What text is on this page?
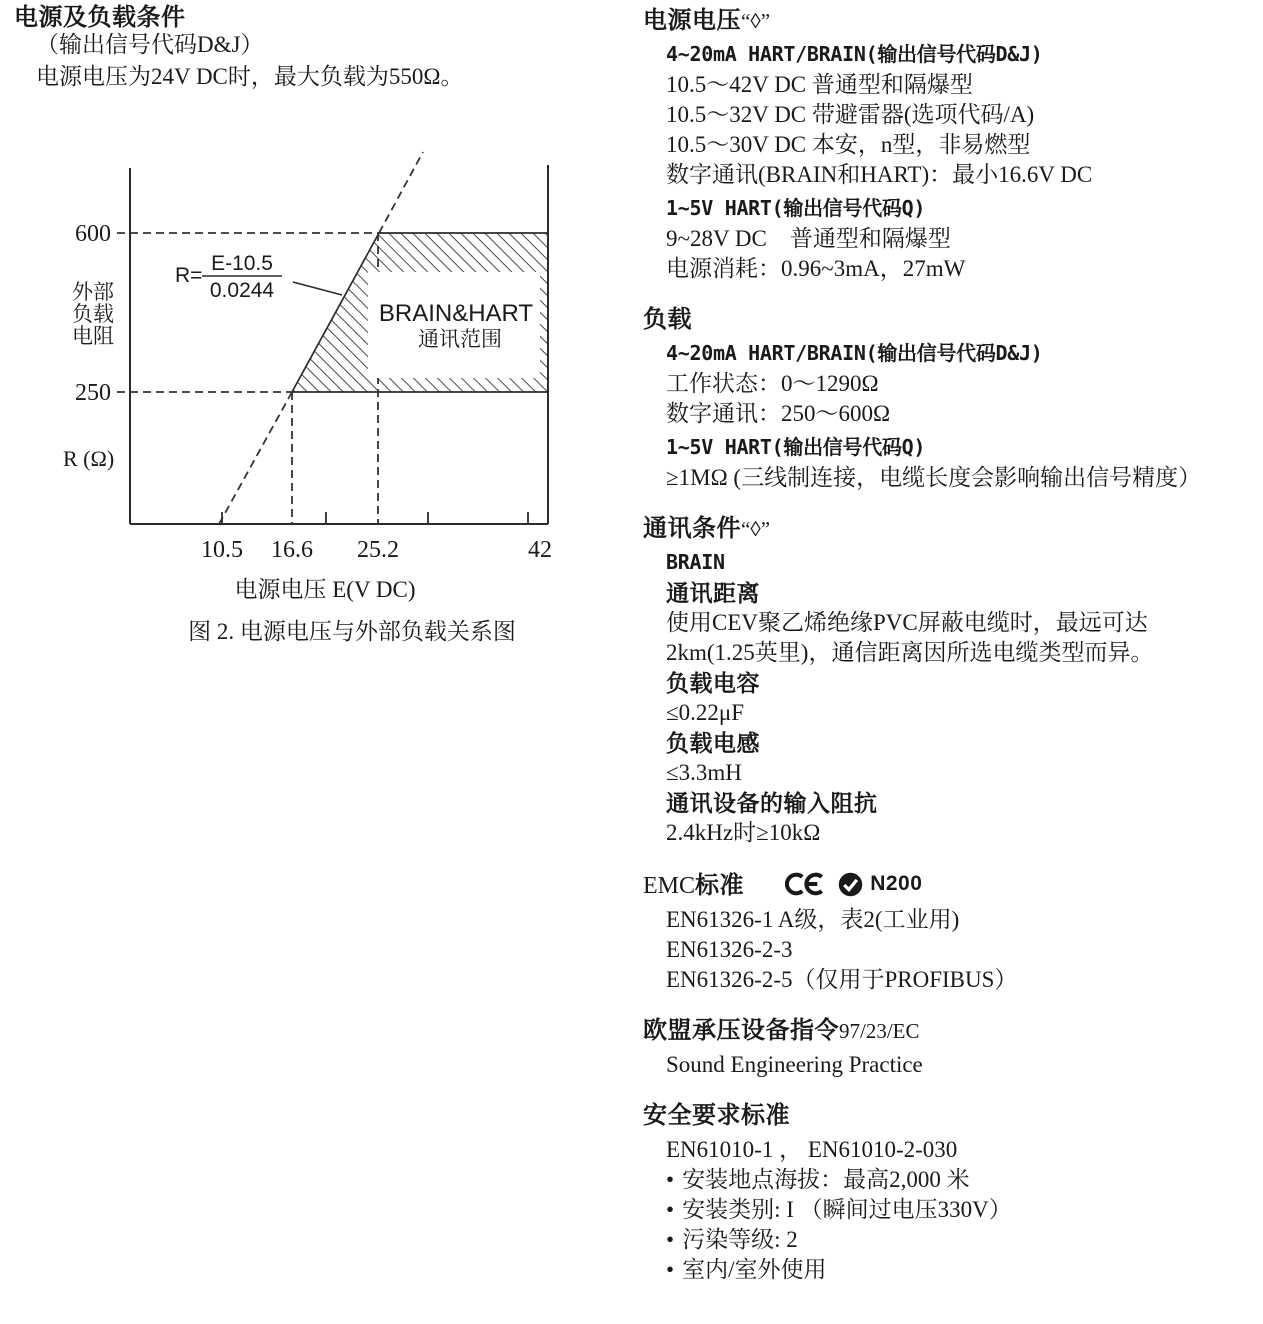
电源及负载条件

（输出信号代码D&J）

电源电压为24V DC时，最大负载为550Ω。

BRAIN&HART
通讯范围
600
250
外部
负载
电阻
R (Ω)
R=
E-10.5
0.0244
10.5 16.6 25.2	42
电源电压 E(V DC)
图 2. 电源电压与外部负载关系图
电源电压“◊”
4~20mA HART/BRAIN(输出信号代码D&J)
10.5～42V DC 普通型和隔爆型
10.5～32V DC 带避雷器(选项代码/A)
10.5～30V DC 本安，n型，非易燃型
数字通讯(BRAIN和HART)：最小16.6V DC
1~5V HART(输出信号代码Q)
9~28V DC　普通型和隔爆型
电源消耗：0.96~3mA，27mW
负载
4~20mA HART/BRAIN(输出信号代码D&J)
工作状态：0～1290Ω
数字通讯：250～600Ω
1~5V HART(输出信号代码Q)
≥1MΩ (三线制连接，电缆长度会影响输出信号精度）
通讯条件“◊”
BRAIN
通讯距离
使用CEV聚乙烯绝缘PVC屏蔽电缆时，最远可达
2km(1.25英里)，通信距离因所选电缆类型而异。
负载电容
≤0.22μF
负载电感
≤3.3mH
通讯设备的输入阻抗
2.4kHz时≥10kΩ
EMC标准	N200
EN61326-1 A级，表2(工业用)
EN61326-2-3
EN61326-2-5（仅用于PROFIBUS）
欧盟承压设备指令97/23/EC
Sound Engineering Practice
安全要求标准
EN61010-1 ， EN61010-2-030
• 安装地点海拔：最高2,000 米
• 安装类别: I （瞬间过电压330V）
• 污染等级: 2
• 室内/室外使用
